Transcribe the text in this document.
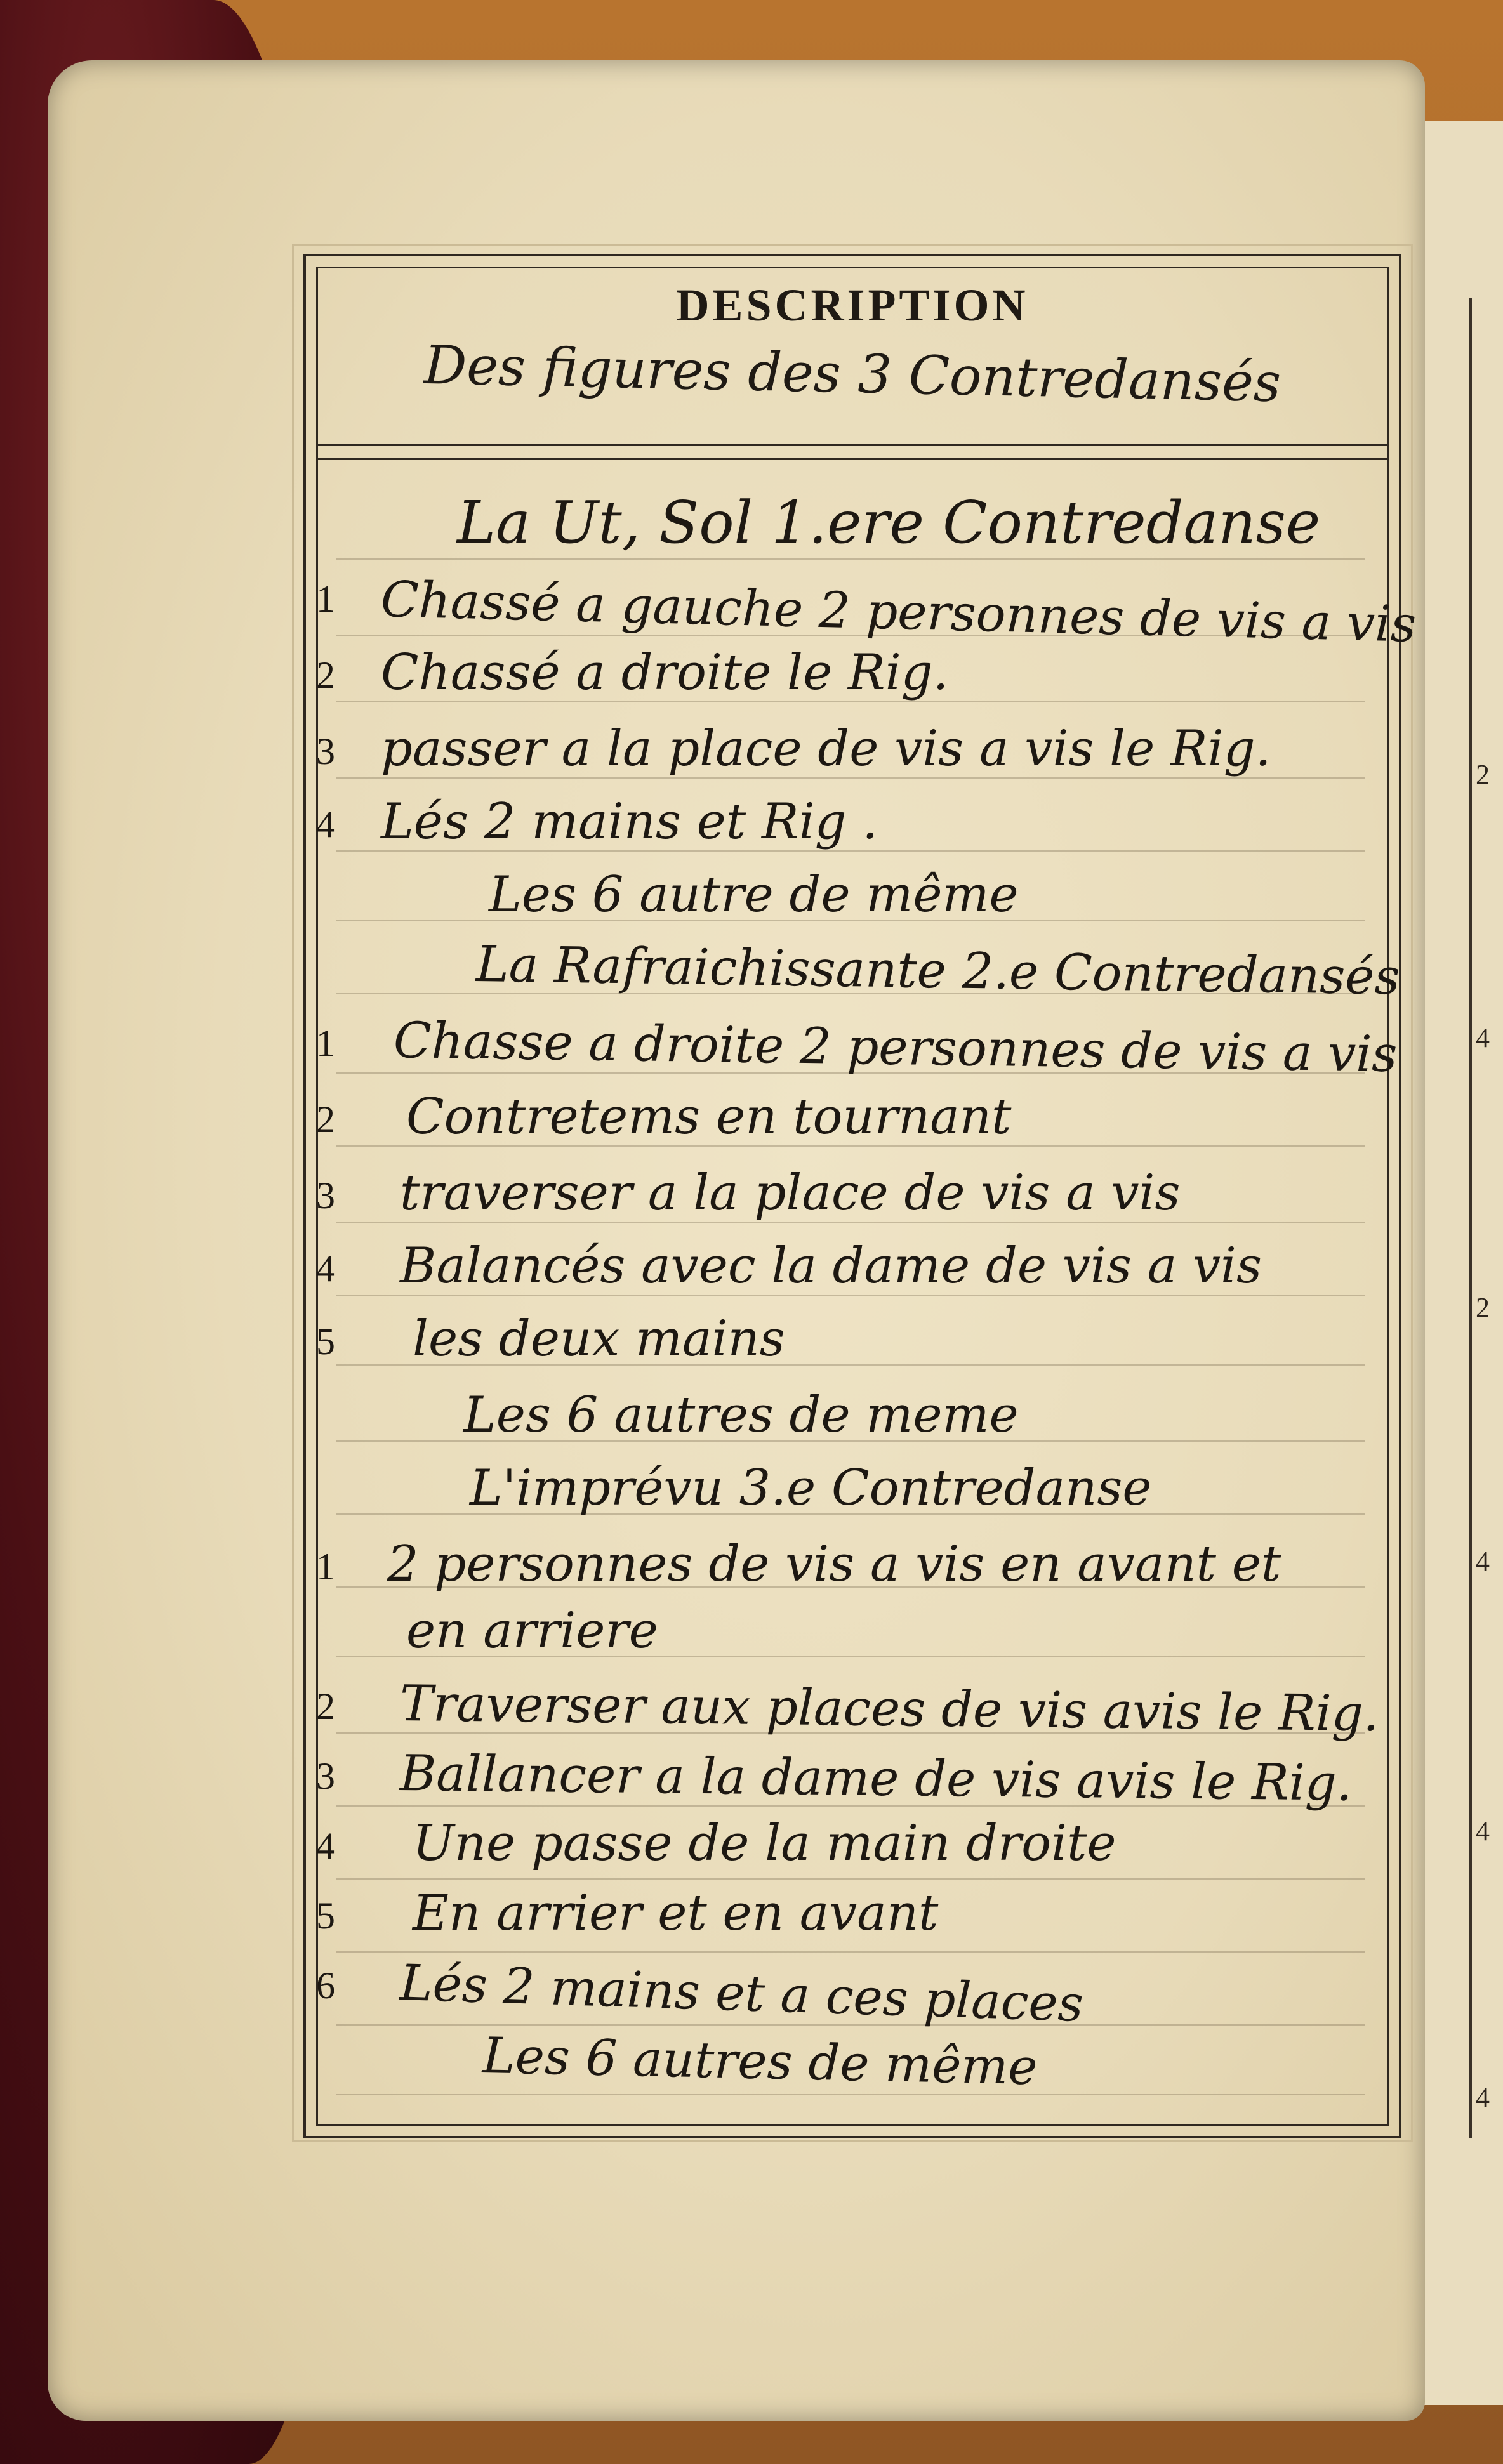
2
4
2
4
4
4
DESCRIPTION
Des figures des 3 Contredansés
La Ut, Sol 1.ere Contredanse
1 Chassé a gauche 2 personnes de vis a vis
2 Chassé a droite le Rig.
3 passer a la place de vis a vis le Rig.
4 Lés 2 mains et Rig .
Les 6 autre de même
La Rafraichissante 2.e Contredansés
1 Chasse a droite 2 personnes de vis a vis
2 Contretems en tournant
3 traverser a la place de vis a vis
4 Balancés avec la dame de vis a vis
5 les deux mains
Les 6 autres de meme
L'imprévu 3.e Contredanse
1 2 personnes de vis a vis en avant et
en arriere
2 Traverser aux places de vis avis le Rig.
3 Ballancer a la dame de vis avis le Rig.
4 Une passe de la main droite
5 En arrier et en avant
6 Lés 2 mains et a ces places
Les 6 autres de même
